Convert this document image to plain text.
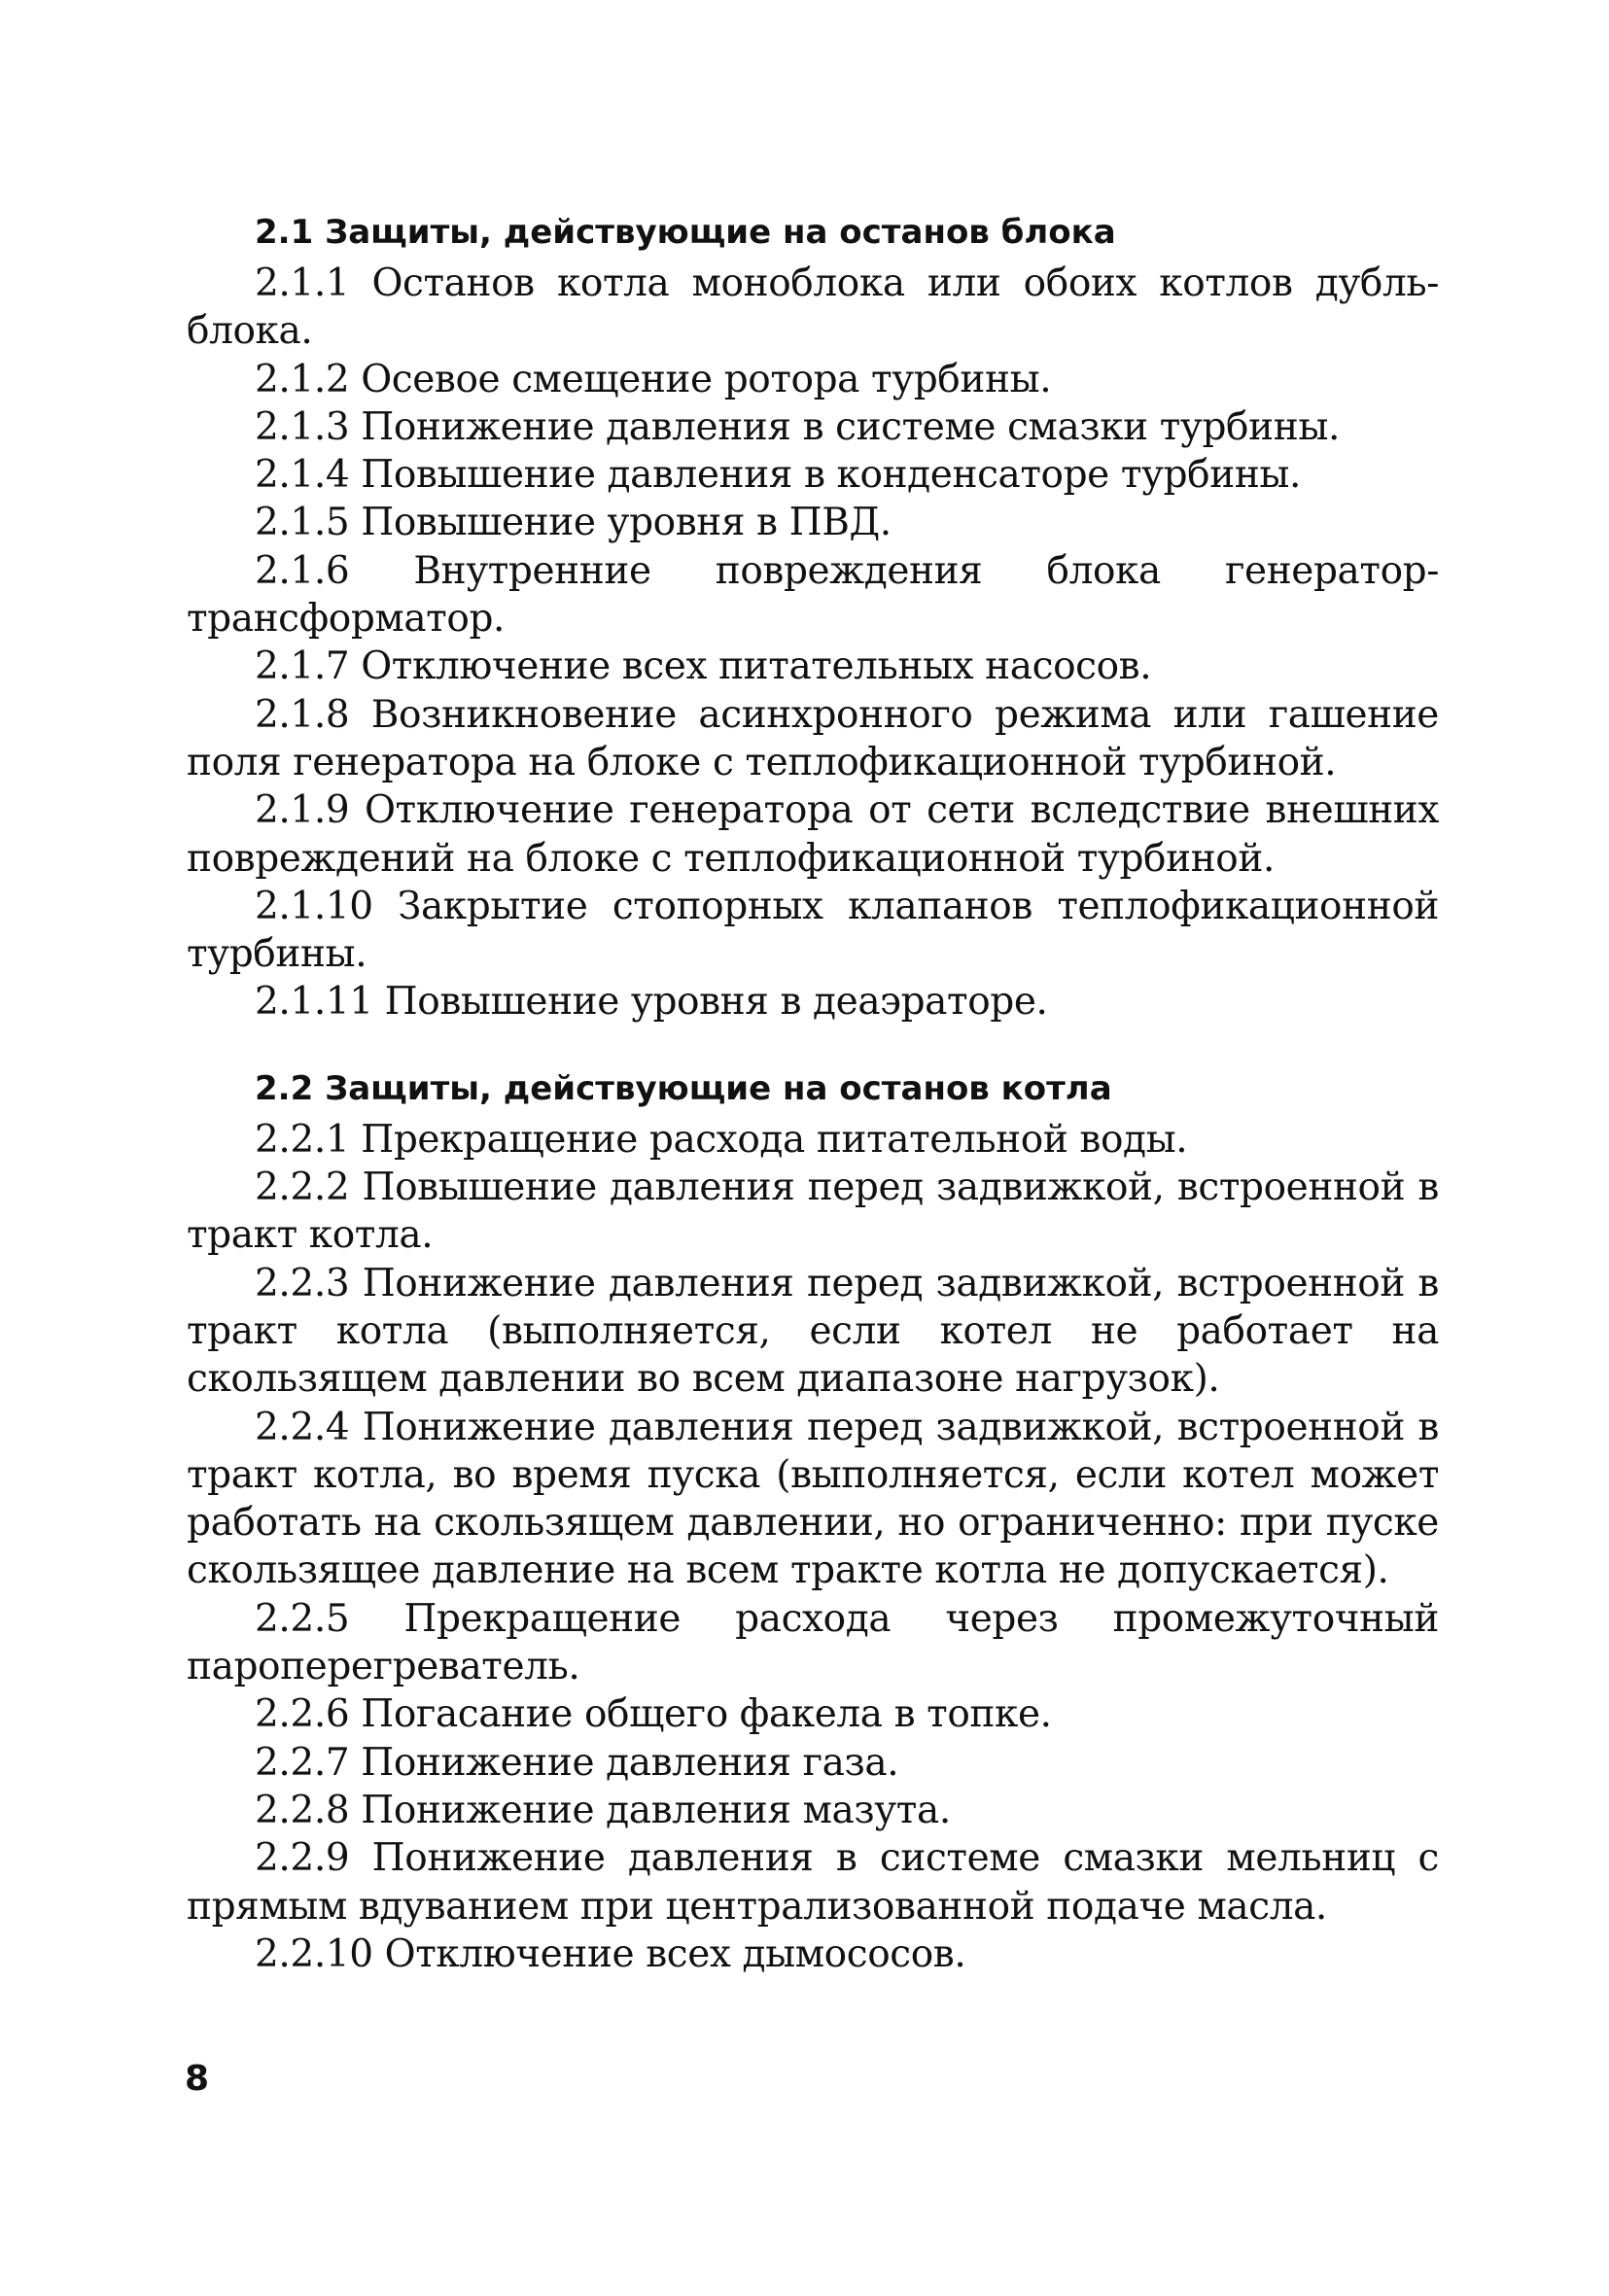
2.1 Защиты, действующие на останов блока

2.1.1 Останов котла моноблока или обоих котлов дубль-блока.

2.1.2 Осевое смещение ротора турбины.

2.1.3 Понижение давления в системе смазки турбины.

2.1.4 Повышение давления в конденсаторе турбины.

2.1.5 Повышение уровня в ПВД.

2.1.6 Внутренние повреждения блока генератор-трансформатор.

2.1.7 Отключение всех питательных насосов.

2.1.8 Возникновение асинхронного режима или гашение поля генератора на блоке с теплофикационной турбиной.

2.1.9 Отключение генератора от сети вследствие внешних повреждений на блоке с теплофикационной турбиной.

2.1.10 Закрытие стопорных клапанов теплофикационной турбины.

2.1.11 Повышение уровня в деаэраторе.

2.2 Защиты, действующие на останов котла

2.2.1 Прекращение расхода питательной воды.

2.2.2 Повышение давления перед задвижкой, встроенной в тракт котла.

2.2.3 Понижение давления перед задвижкой, встроенной в тракт котла (выполняется, если котел не работает на скользящем давлении во всем диапазоне нагрузок).

2.2.4 Понижение давления перед задвижкой, встроенной в тракт котла, во время пуска (выполняется, если котел может работать на скользящем давлении, но ограниченно: при пуске скользящее давление на всем тракте котла не допускается).

2.2.5 Прекращение расхода через промежуточный пароперегреватель.

2.2.6 Погасание общего факела в топке.

2.2.7 Понижение давления газа.

2.2.8 Понижение давления мазута.

2.2.9 Понижение давления в системе смазки мельниц с прямым вдуванием при централизованной подаче масла.

2.2.10 Отключение всех дымососов.

8
